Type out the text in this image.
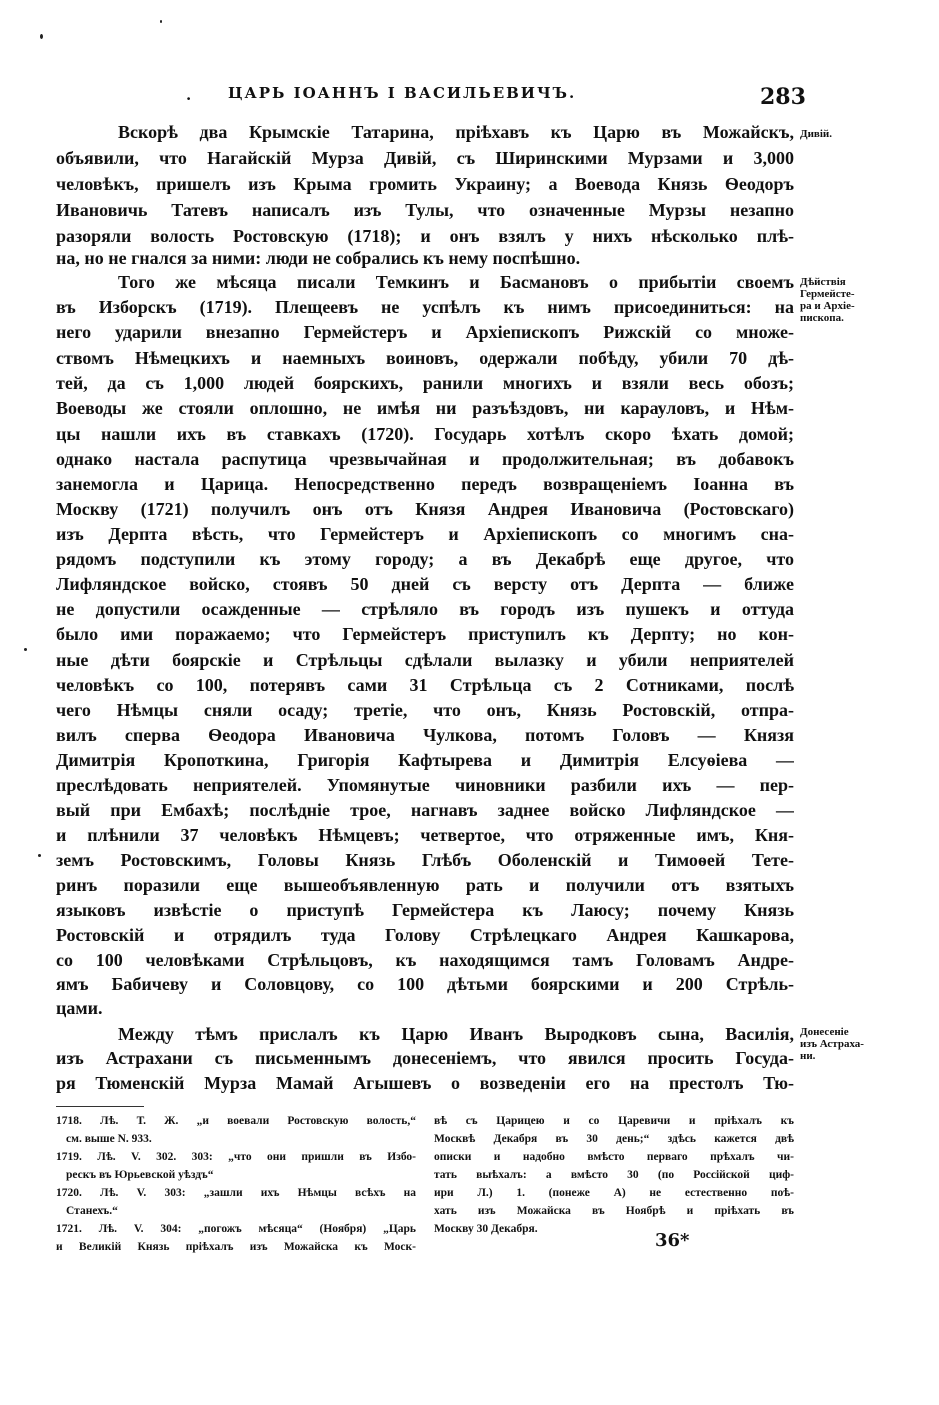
. ЦАРЬ ІОАННЪ І ВАСИЛЬЕВИЧЪ.	283
Вскорѣ два Крымскіе Татарина, пріѣхавъ къ Царю въ Можайскъ,
объявили, что Нагайскій Мурза Дивій, съ Ширинскими Мурзами и 3,000
человѣкъ, пришелъ изъ Крыма громить Украину; а Воевода Князь Ѳеодоръ
Ивановичь Татевъ написалъ изъ Тулы, что означенные Мурзы незапно
разоряли волость Ростовскую (1718); и онъ взялъ у нихъ нѣсколько плѣ-
на, но не гнался за ними: люди не собрались къ нему поспѣшно.
Того же мѣсяца писали Темкинъ и Басмановъ о прибытіи своемъ
въ Изборскъ (1719). Плещеевъ не успѣлъ къ нимъ присоединиться: на
него ударили внезапно Гермейстеръ и Архіепископъ Рижскій со множе-
ствомъ Нѣмецкихъ и наемныхъ воиновъ, одержали побѣду, убили 70 дѣ-
тей, да съ 1,000 людей боярскихъ, ранили многихъ и взяли весь обозъ;
Воеводы же стояли оплошно, не имѣя ни разъѣздовъ, ни карауловъ, и Нѣм-
цы нашли ихъ въ ставкахъ (1720). Государь хотѣлъ скоро ѣхать домой;
однако настала распутица чрезвычайная и продолжительная; въ добавокъ
занемогла и Царица. Непосредственно передъ возвращеніемъ Іоанна въ
Москву (1721) получилъ онъ отъ Князя Андрея Ивановича (Ростовскаго)
изъ Дерпта вѣсть, что Гермейстеръ и Архіепископъ со многимъ сна-
рядомъ подступили къ этому городу; а въ Декабрѣ еще другое, что
Лифляндское войско, стоявъ 50 дней съ версту отъ Дерпта — ближе
не допустили осажденные — стрѣляло въ городъ изъ пушекъ и оттуда
было ими поражаемо; что Гермейстеръ приступилъ къ Дерпту; но кон-
ные дѣти боярскіе и Стрѣльцы сдѣлали вылазку и убили неприятелей
человѣкъ со 100, потерявъ сами 31 Стрѣльца съ 2 Сотниками, послѣ
чего Нѣмцы сняли осаду; третіе, что онъ, Князь Ростовскій, отпра-
вилъ сперва Ѳеодора Ивановича Чулкова, потомъ Головъ — Князя
Димитрія Кропоткина, Григорія Кафтырева и Димитрія Елсуѳіева —
преслѣдовать неприятелей. Упомянутые чиновники разбили ихъ — пер-
вый при Ембахѣ; послѣдніе трое, нагнавъ заднее войско Лифляндское —
и плѣнили 37 человѣкъ Нѣмцевъ; четвертое, что отряженные имъ, Кня-
земъ Ростовскимъ, Головы Князь Глѣбъ Оболенскій и Тимоѳей Тете-
ринъ поразили еще вышеобъявленную рать и получили отъ взятыхъ
языковъ извѣстіе о приступѣ Гермейстера къ Лаюсу; почему Князь
Ростовскій и отрядилъ туда Голову Стрѣлецкаго Андрея Кашкарова,
со 100 человѣками Стрѣльцовъ, къ находящимся тамъ Головамъ Андре-
ямъ Бабичеву и Соловцову, со 100 дѣтьми боярскими и 200 Стрѣль-
цами.
Между тѣмъ прислалъ къ Царю Иванъ Выродковъ сына, Василія,
изъ Астрахани съ письменнымъ донесеніемъ, что явился просить Госуда-
ря Тюменскій Мурза Мамай Агышевъ о возведеніи его на престолъ Тю-
Дивій.
Дѣйствія
Гермейсте-
ра и Архіе-
пископа.
Донесеніе
изъ Астраха-
ни.
1718. Лѣ. Т. Ж. „и воевали Ростовскую волость,“
см. выше N. 933.
1719. Лѣ. V. 302. 303: „что они пришли въ Избо-
рескъ въ Юрьевской уѣздъ“
1720. Лѣ. V. 303: „зашли ихъ Нѣмцы всѣхъ на
Станехъ.“
1721. Лѣ. V. 304: „погожъ мѣсяца“ (Ноября) „Царь
и Великій Князь пріѣхалъ изъ Можайска къ Моск-
вѣ съ Царицею и со Царевичи и пріѣхалъ къ
Москвѣ Декабря въ 30 день;“ здѣсь кажется двѣ
описки и надобно вмѣсто перваго прѣхалъ чи-
тать выѣхалъ: а вмѣсто 30 (по Россійской циф-
ири Л.) 1. (понеже А) не естественно поѣ-
хать изъ Можайска въ Ноябрѣ и пріѣхать въ
Москву 30 Декабря.
36*
